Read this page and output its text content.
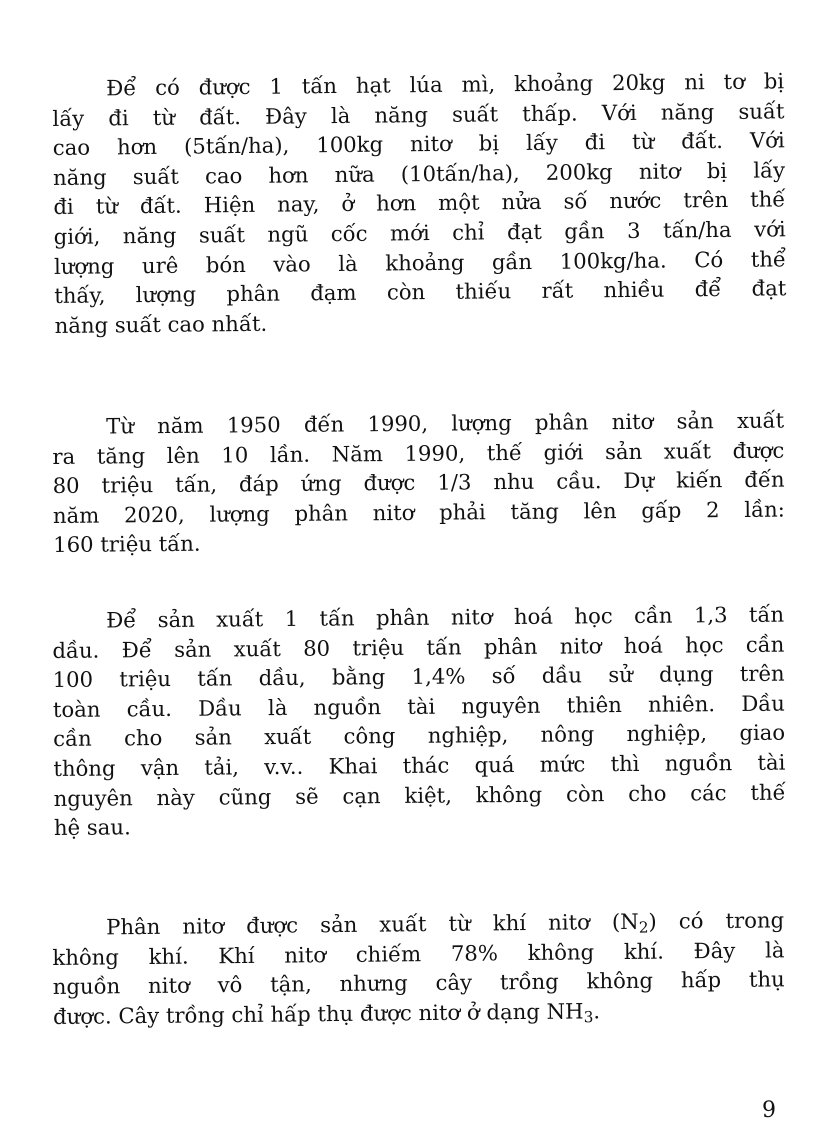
Để có được 1 tấn hạt lúa mì, khoảng 20kg ni tơ bị
lấy đi từ đất. Đây là năng suất thấp. Với năng suất
cao hơn (5tấn/ha), 100kg nitơ bị lấy đi từ đất. Với
năng suất cao hơn nữa (10tấn/ha), 200kg nitơ bị lấy
đi từ đất. Hiện nay, ở hơn một nửa số nước trên thế
giới, năng suất ngũ cốc mới chỉ đạt gần 3 tấn/ha với
lượng urê bón vào là khoảng gần 100kg/ha. Có thể
thấy, lượng phân đạm còn thiếu rất nhiều để đạt
năng suất cao nhất.

Từ năm 1950 đến 1990, lượng phân nitơ sản xuất
ra tăng lên 10 lần. Năm 1990, thế giới sản xuất được
80 triệu tấn, đáp ứng được 1/3 nhu cầu. Dự kiến đến
năm 2020, lượng phân nitơ phải tăng lên gấp 2 lần:
160 triệu tấn.

Để sản xuất 1 tấn phân nitơ hoá học cần 1,3 tấn
dầu. Để sản xuất 80 triệu tấn phân nitơ hoá học cần
100 triệu tấn dầu, bằng 1,4% số dầu sử dụng trên
toàn cầu. Dầu là nguồn tài nguyên thiên nhiên. Dầu
cần cho sản xuất công nghiệp, nông nghiệp, giao
thông vận tải, v.v.. Khai thác quá mức thì nguồn tài
nguyên này cũng sẽ cạn kiệt, không còn cho các thế
hệ sau.

Phân nitơ được sản xuất từ khí nitơ $(N_2)$ có trong
không khí. Khí nitơ chiếm 78% không khí. Đây là
nguồn nitơ vô tận, nhưng cây trồng không hấp thụ
được. Cây trồng chỉ hấp thụ được nitơ ở dạng $NH_3$.

9
